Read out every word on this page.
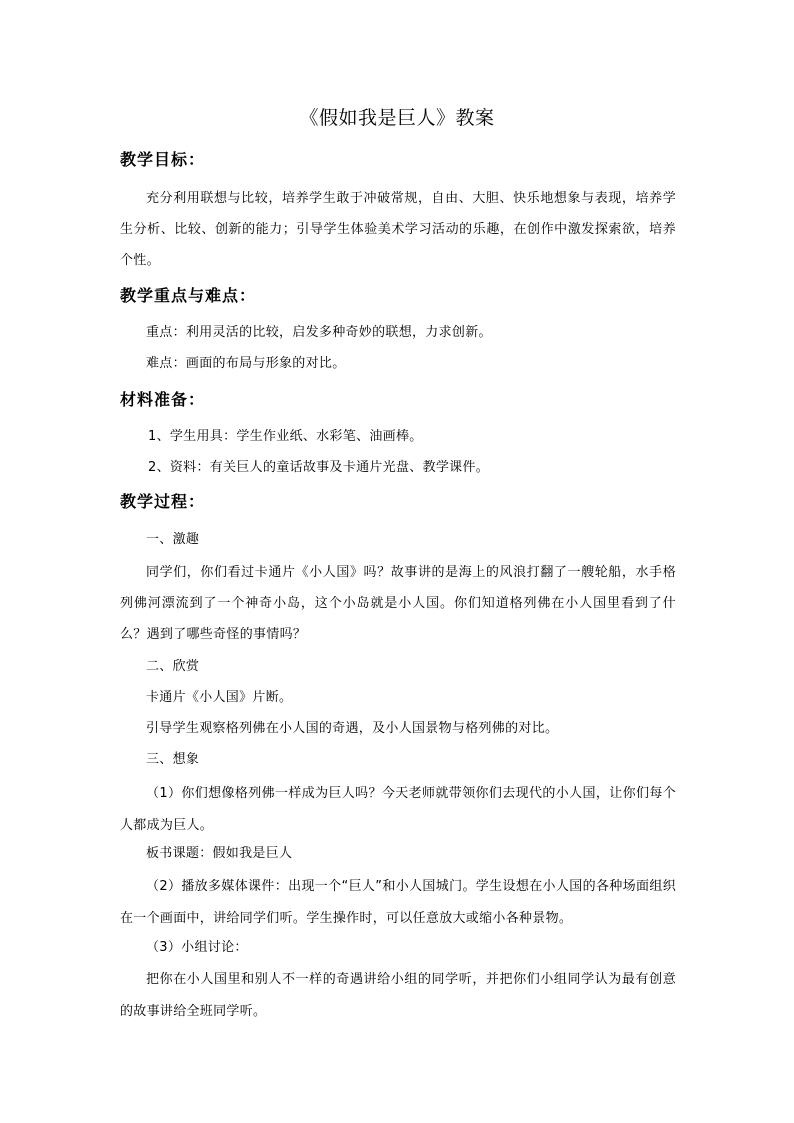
《假如我是巨人》教案
教学目标：
充分利用联想与比较，培养学生敢于冲破常规，自由、大胆、快乐地想象与表现，培养学生分析、比较、创新的能力；引导学生体验美术学习活动的乐趣，在创作中激发探索欲，培养个性。
教学重点与难点：
重点：利用灵活的比较，启发多种奇妙的联想，力求创新。
难点：画面的布局与形象的对比。
材料准备：
1、学生用具：学生作业纸、水彩笔、油画棒。
2、资料：有关巨人的童话故事及卡通片光盘、教学课件。
教学过程：
一、激趣
同学们，你们看过卡通片《小人国》吗？故事讲的是海上的风浪打翻了一艘轮船，水手格列佛河漂流到了一个神奇小岛，这个小岛就是小人国。你们知道格列佛在小人国里看到了什么？遇到了哪些奇怪的事情吗？
二、欣赏
卡通片《小人国》片断。
引导学生观察格列佛在小人国的奇遇，及小人国景物与格列佛的对比。
三、想象
（1）你们想像格列佛一样成为巨人吗？今天老师就带领你们去现代的小人国，让你们每个人都成为巨人。
板书课题：假如我是巨人
（2）播放多媒体课件：出现一个“巨人”和小人国城门。学生设想在小人国的各种场面组织在一个画面中，讲给同学们听。学生操作时，可以任意放大或缩小各种景物。
（3）小组讨论：
把你在小人国里和别人不一样的奇遇讲给小组的同学听，并把你们小组同学认为最有创意的故事讲给全班同学听。
